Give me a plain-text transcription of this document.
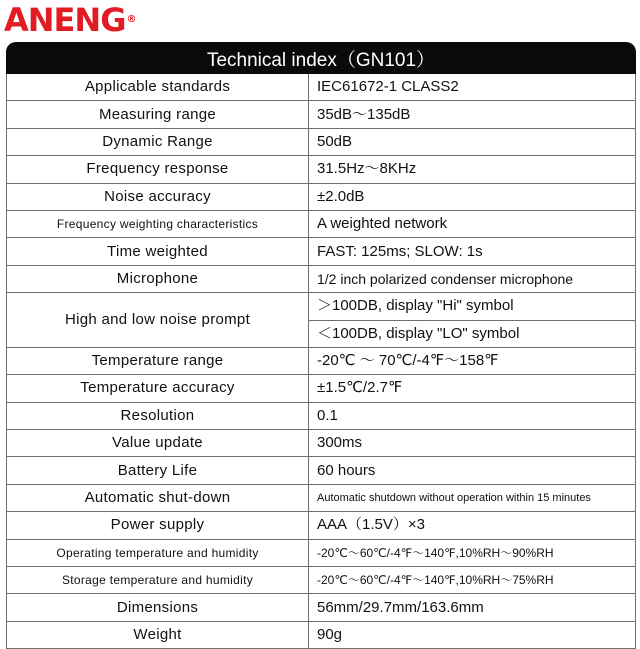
ANENG®
Technical index（GN101）
Applicable standards	IEC61672-1 CLASS2
Measuring range	35dB～135dB
Dynamic Range	50dB
Frequency response	31.5Hz～8KHz
Noise accuracy	±2.0dB
Frequency weighting characteristics	A weighted network
Time weighted	FAST: 125ms; SLOW: 1s
Microphone	1/2 inch polarized condenser microphone
High and low noise prompt	＞100DB, display "Hi" symbol
	＜100DB, display "LO" symbol
Temperature range	-20℃ ～ 70℃/-4℉～158℉
Temperature accuracy	±1.5℃/2.7℉
Resolution	0.1
Value update	300ms
Battery Life	60 hours
Automatic shut-down	Automatic shutdown without operation within 15 minutes
Power supply	AAA（1.5V）×3
Operating temperature and humidity	-20℃～60℃/-4℉～140℉,10%RH～90%RH
Storage temperature and humidity	-20℃～60℃/-4℉～140℉,10%RH～75%RH
Dimensions	56mm/29.7mm/163.6mm
Weight	90g
